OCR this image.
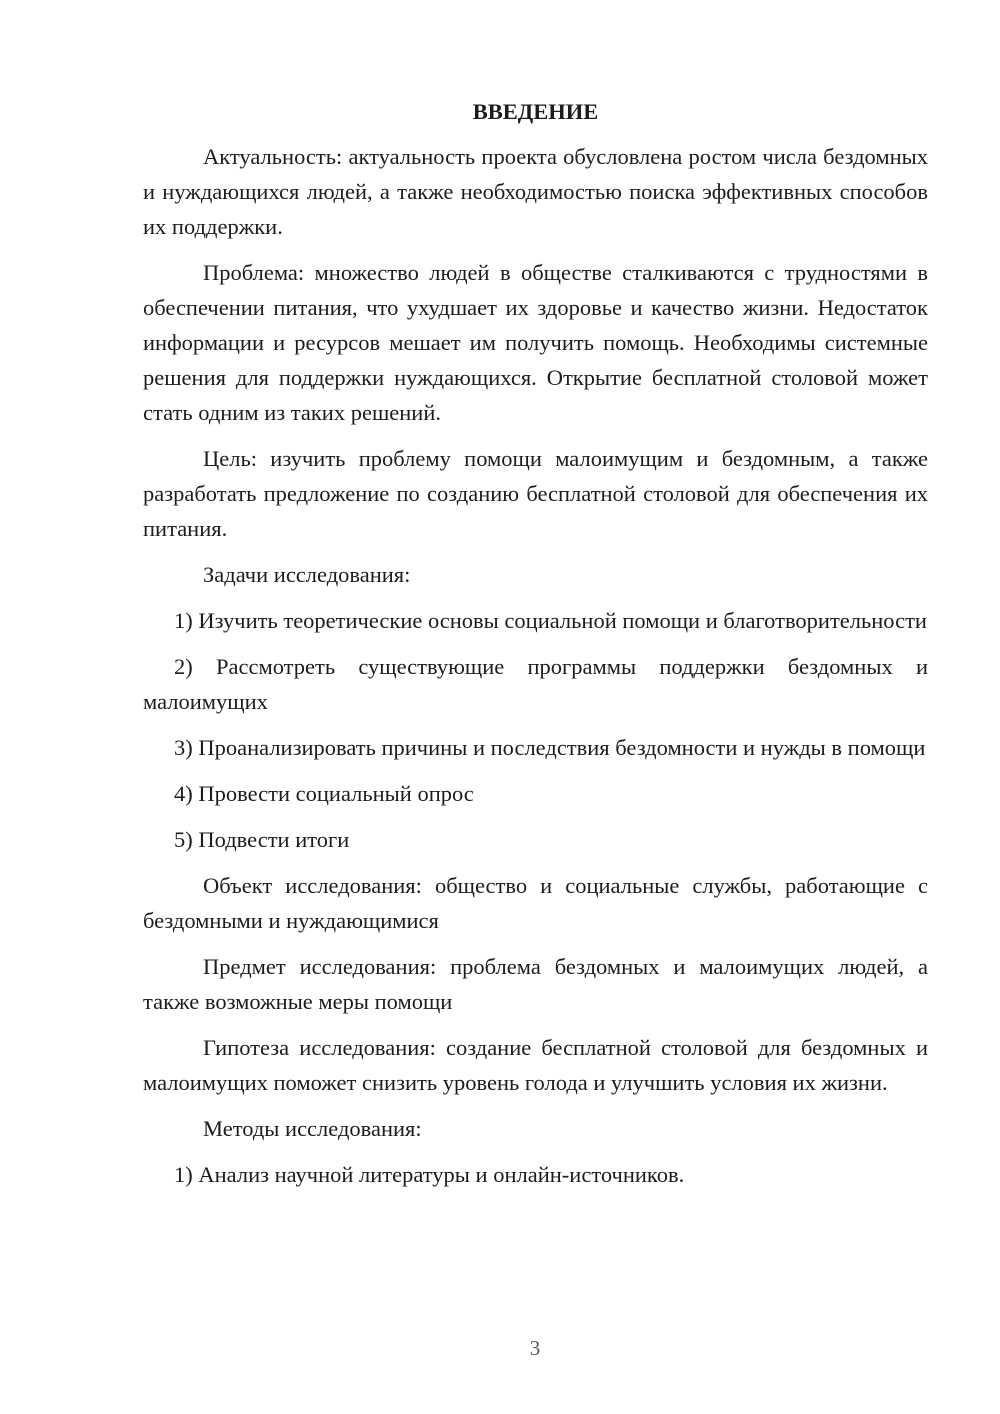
ВВЕДЕНИЕ

Актуальность: актуальность проекта обусловлена ростом числа бездомных и нуждающихся людей, а также необходимостью поиска эффективных способов их поддержки.

Проблема: множество людей в обществе сталкиваются с трудностями в обеспечении питания, что ухудшает их здоровье и качество жизни. Недостаток информации и ресурсов мешает им получить помощь. Необходимы системные решения для поддержки нуждающихся. Открытие бесплатной столовой может стать одним из таких решений.

Цель: изучить проблему помощи малоимущим и бездомным, а также разработать предложение по созданию бесплатной столовой для обеспечения их питания.

Задачи исследования:

1) Изучить теоретические основы социальной помощи и благотворительности

2) Рассмотреть существующие программы поддержки бездомных и малоимущих

3) Проанализировать причины и последствия бездомности и нужды в помощи

4) Провести социальный опрос

5) Подвести итоги

Объект исследования: общество и социальные службы, работающие с бездомными и нуждающимися

Предмет исследования: проблема бездомных и малоимущих людей, а также возможные меры помощи

Гипотеза исследования: создание бесплатной столовой для бездомных и малоимущих поможет снизить уровень голода и улучшить условия их жизни.

Методы исследования:

1) Анализ научной литературы и онлайн-источников.

3
